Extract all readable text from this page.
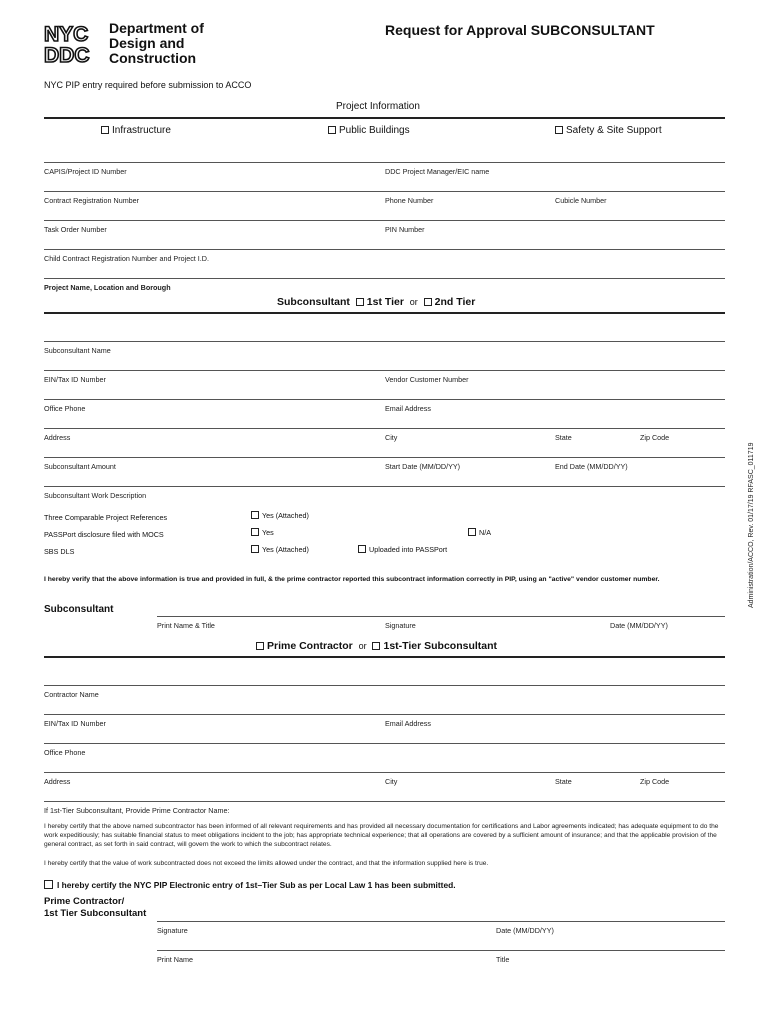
NYC
DDC
Department of
Design and
Construction
Request for Approval SUBCONSULTANT
NYC PIP entry required before submission to ACCO
Project Information
Infrastructure	Public Buildings	Safety & Site Support
CAPIS/Project ID Number	DDC Project Manager/EIC name
Contract Registration Number	Phone Number	Cubicle Number
Task Order Number	PIN Number
Child Contract Registration Number and Project I.D.
Project Name, Location and Borough
Subconsultant 1st Tier or 2nd Tier
Subconsultant Name
EIN/Tax ID Number	Vendor Customer Number
Office Phone	Email Address
Address	City	State	Zip Code
Subconsultant Amount	Start Date (MM/DD/YY)	End Date (MM/DD/YY)
Subconsultant Work Description
Three Comparable Project References	Yes (Attached)
PASSPort disclosure filed with MOCS	Yes	N/A
SBS DLS	Yes (Attached)	Uploaded into PASSPort
I hereby verify that the above information is true and provided in full, & the prime contractor reported this subcontract information correctly in PIP, using an "active" vendor customer number.
Subconsultant
Print Name & Title	Signature	Date (MM/DD/YY)
Prime Contractor or 1st-Tier Subconsultant
Contractor Name
EIN/Tax ID Number	Email Address
Office Phone
Address	City	State	Zip Code
If 1st-Tier Subconsultant, Provide Prime Contractor Name:
I hereby certify that the above named subcontractor has been informed of all relevant requirements and has provided all necessary documentation for certifications and Labor agreements indicated; has adequate equipment to do the work expeditiously; has suitable financial status to meet obligations incident to the job; has appropriate technical experience; that all operations are covered by a sufficient amount of insurance; and that the applicable provision of the general contract, as set forth in said contract, will govern the work to which the subcontract relates.
I hereby certify that the value of work subcontracted does not exceed the limits allowed under the contract, and that the information supplied here is true.
I hereby certify the NYC PIP Electronic entry of 1st–Tier Sub as per Local Law 1 has been submitted.
Prime Contractor/
1st Tier Subconsultant
Signature	Date (MM/DD/YY)
Print Name	Title
Administration/ACCO, Rev. 01/17/19 RFASC_011719
